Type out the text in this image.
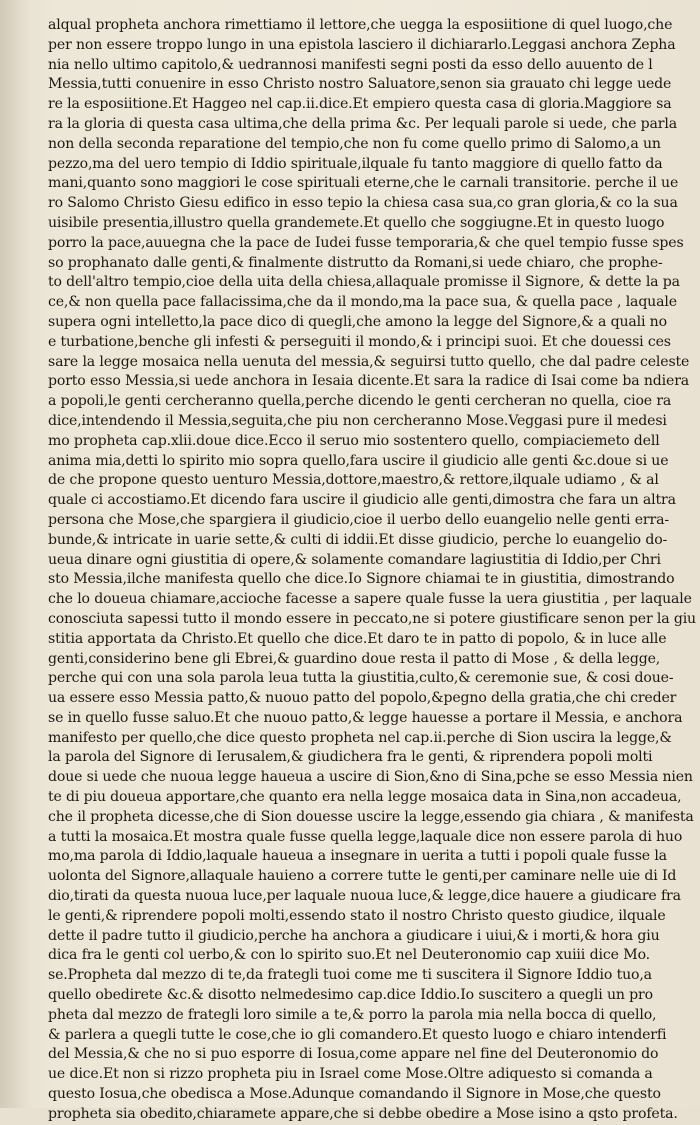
alqual propheta anchora rimettiamo il lettore,che uegga la esposiitione di quel luogo,che
per non essere troppo lungo in una epistola lasciero il dichiararlo.Leggasi anchora Zepha
nia nello ultimo capitolo,& uedrannosi manifesti segni posti da esso dello auuento de l
Messia,tutti conuenire in esso Christo nostro Saluatore,senon sia grauato chi legge uede
re la esposiitione.Et Haggeo nel cap.ii.dice.Et empiero questa casa di gloria.Maggiore sa
ra la gloria di questa casa ultima,che della prima &c. Per lequali parole si uede, che parla
non della seconda reparatione del tempio,che non fu come quello primo di Salomo,a un
pezzo,ma del uero tempio di Iddio spirituale,ilquale fu tanto maggiore di quello fatto da
mani,quanto sono maggiori le cose spirituali eterne,che le carnali transitorie. perche il ue
ro Salomo Christo Giesu edifico in esso tepio la chiesa casa sua,co gran gloria,& co la sua
uisibile presentia,illustro quella grandemete.Et quello che soggiugne.Et in questo luogo
porro la pace,auuegna che la pace de Iudei fusse temporaria,& che quel tempio fusse spes
so prophanato dalle genti,& finalmente distrutto da Romani,si uede chiaro, che prophe-
to dell'altro tempio,cioe della uita della chiesa,allaquale promisse il Signore, & dette la pa
ce,& non quella pace fallacissima,che da il mondo,ma la pace sua, & quella pace , laquale
supera ogni intelletto,la pace dico di quegli,che amono la legge del Signore,& a quali no
e turbatione,benche gli infesti & perseguiti il mondo,& i principi suoi. Et che douessi ces
sare la legge mosaica nella uenuta del messia,& seguirsi tutto quello, che dal padre celeste
porto esso Messia,si uede anchora in Iesaia dicente.Et sara la radice di Isai come ba ndiera
a popoli,le genti cercheranno quella,perche dicendo le genti cercheran no quella, cioe ra
dice,intendendo il Messia,seguita,che piu non cercheranno Mose.Veggasi pure il medesi
mo propheta cap.xlii.doue dice.Ecco il seruo mio sostentero quello, compiaciemeto dell
anima mia,detti lo spirito mio sopra quello,fara uscire il giudicio alle genti &c.doue si ue
de che propone questo uenturo Messia,dottore,maestro,& rettore,ilquale udiamo , & al
quale ci accostiamo.Et dicendo fara uscire il giudicio alle genti,dimostra che fara un altra
persona che Mose,che spargiera il giudicio,cioe il uerbo dello euangelio nelle genti erra-
bunde,& intricate in uarie sette,& culti di iddii.Et disse giudicio, perche lo euangelio do-
ueua dinare ogni giustitia di opere,& solamente comandare lagiustitia di Iddio,per Chri
sto Messia,ilche manifesta quello che dice.Io Signore chiamai te in giustitia, dimostrando
che lo doueua chiamare,accioche facesse a sapere quale fusse la uera giustitia , per laquale
conosciuta sapessi tutto il mondo essere in peccato,ne si potere giustificare senon per la giu
stitia apportata da Christo.Et quello che dice.Et daro te in patto di popolo, & in luce alle
genti,considerino bene gli Ebrei,& guardino doue resta il patto di Mose , & della legge,
perche qui con una sola parola leua tutta la giustitia,culto,& ceremonie sue, & cosi doue-
ua essere esso Messia patto,& nuouo patto del popolo,&pegno della gratia,che chi creder
se in quello fusse saluo.Et che nuouo patto,& legge hauesse a portare il Messia, e anchora
manifesto per quello,che dice questo propheta nel cap.ii.perche di Sion uscira la legge,&
la parola del Signore di Ierusalem,& giudichera fra le genti, & riprendera popoli molti
doue si uede che nuoua legge haueua a uscire di Sion,&no di Sina,pche se esso Messia nien
te di piu doueua apportare,che quanto era nella legge mosaica data in Sina,non accadeua,
che il propheta dicesse,che di Sion douesse uscire la legge,essendo gia chiara , & manifesta
a tutti la mosaica.Et mostra quale fusse quella legge,laquale dice non essere parola di huo
mo,ma parola di Iddio,laquale haueua a insegnare in uerita a tutti i popoli quale fusse la
uolonta del Signore,allaquale hauieno a correre tutte le genti,per caminare nelle uie di Id
dio,tirati da questa nuoua luce,per laquale nuoua luce,& legge,dice hauere a giudicare fra
le genti,& riprendere popoli molti,essendo stato il nostro Christo questo giudice, ilquale
dette il padre tutto il giudicio,perche ha anchora a giudicare i uiui,& i morti,& hora giu
dica fra le genti col uerbo,& con lo spirito suo.Et nel Deuteronomio cap xuiii dice Mo.
se.Propheta dal mezzo di te,da frategli tuoi come me ti suscitera il Signore Iddio tuo,a
quello obedirete &c.& disotto nelmedesimo cap.dice Iddio.Io suscitero a quegli un pro
pheta dal mezzo de frategli loro simile a te,& porro la parola mia nella bocca di quello,
& parlera a quegli tutte le cose,che io gli comandero.Et questo luogo e chiaro intenderfi
del Messia,& che no si puo esporre di Iosua,come appare nel fine del Deuteronomio do
ue dice.Et non si rizzo propheta piu in Israel come Mose.Oltre adiquesto si comanda a
questo Iosua,che obedisca a Mose.Adunque comandando il Signore in Mose,che questo
propheta sia obedito,chiaramete appare,che si debbe obedire a Mose isino a qsto profeta.
